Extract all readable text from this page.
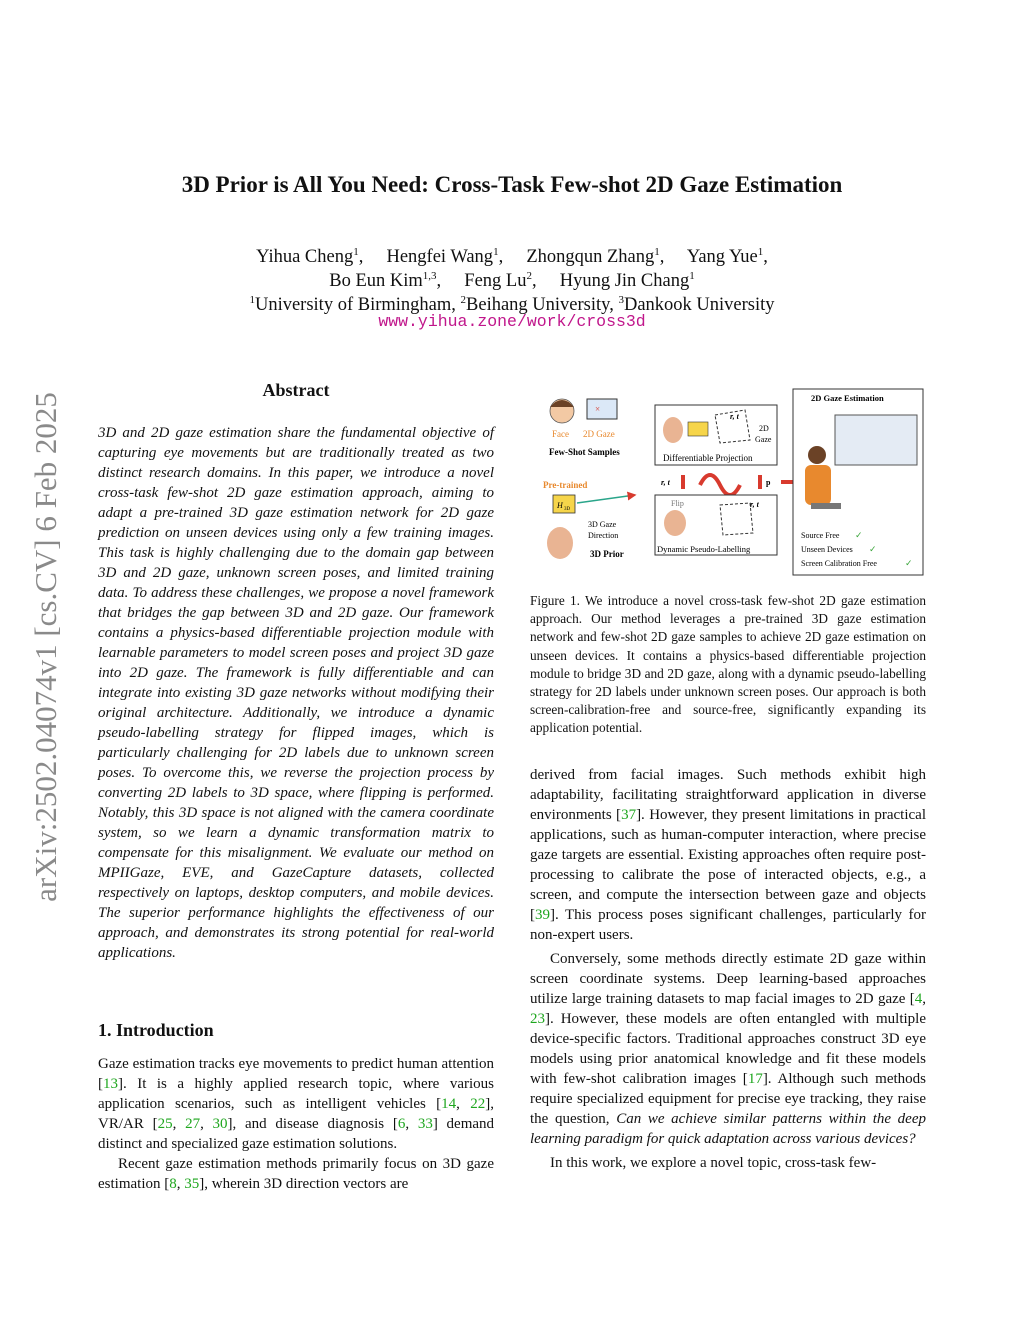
arXiv:2502.04074v1 [cs.CV] 6 Feb 2025
3D Prior is All You Need: Cross-Task Few-shot 2D Gaze Estimation
Yihua Cheng$^1$,     Hengfei Wang$^1$,     Zhongqun Zhang$^1$,     Yang Yue$^1$,
Bo Eun Kim$^{1,3}$,     Feng Lu$^2$,     Hyung Jin Chang$^1$
$^1$University of Birmingham, $^2$Beihang University, $^3$Dankook University
www.yihua.zone/work/cross3d
Abstract
3D and 2D gaze estimation share the fundamental objective of capturing eye movements but are traditionally treated as two distinct research domains. In this paper, we introduce a novel cross-task few-shot 2D gaze estimation approach, aiming to adapt a pre-trained 3D gaze estimation network for 2D gaze prediction on unseen devices using only a few training images. This task is highly challenging due to the domain gap between 3D and 2D gaze, unknown screen poses, and limited training data. To address these challenges, we propose a novel framework that bridges the gap between 3D and 2D gaze. Our framework contains a physics-based differentiable projection module with learnable parameters to model screen poses and project 3D gaze into 2D gaze. The framework is fully differentiable and can integrate into existing 3D gaze networks without modifying their original architecture. Additionally, we introduce a dynamic pseudo-labelling strategy for flipped images, which is particularly challenging for 2D labels due to unknown screen poses. To overcome this, we reverse the projection process by converting 2D labels to 3D space, where flipping is performed. Notably, this 3D space is not aligned with the camera coordinate system, so we learn a dynamic transformation matrix to compensate for this misalignment. We evaluate our method on MPIIGaze, EVE, and GazeCapture datasets, collected respectively on laptops, desktop computers, and mobile devices. The superior performance highlights the effectiveness of our approach, and demonstrates its strong potential for real-world applications.
1. Introduction

Gaze estimation tracks eye movements to predict human attention [13]. It is a highly applied research topic, where various application scenarios, such as intelligent vehicles [14, 22], VR/AR [25, 27, 30], and disease diagnosis [6, 33] demand distinct and specialized gaze estimation solutions.

Recent gaze estimation methods primarily focus on 3D gaze estimation [8, 35], wherein 3D direction vectors are

×
Face 2D Gaze
Few-Shot Samples
Pre-trained
H 3D
3D Gaze
Direction
3D Prior
r, t
2D
Gaze
Differentiable Projection
r, t	p
Flip	r, t
Dynamic Pseudo-Labelling
2D Gaze Estimation
Source Free ✓
Unseen Devices ✓
Screen Calibration Free	✓
Figure 1. We introduce a novel cross-task few-shot 2D gaze estimation approach. Our method leverages a pre-trained 3D gaze estimation network and few-shot 2D gaze samples to achieve 2D gaze estimation on unseen devices. It contains a physics-based differentiable projection module to bridge 3D and 2D gaze, along with a dynamic pseudo-labelling strategy for 2D labels under unknown screen poses. Our approach is both screen-calibration-free and source-free, significantly expanding its application potential.

derived from facial images. Such methods exhibit high adaptability, facilitating straightforward application in diverse environments [37]. However, they present limitations in practical applications, such as human-computer interaction, where precise gaze targets are essential. Existing approaches often require post-processing to calibrate the pose of interacted objects, e.g., a screen, and compute the intersection between gaze and objects [39]. This process poses significant challenges, particularly for non-expert users.

Conversely, some methods directly estimate 2D gaze within screen coordinate systems. Deep learning-based approaches utilize large training datasets to map facial images to 2D gaze [4, 23]. However, these models are often entangled with multiple device-specific factors. Traditional approaches construct 3D eye models using prior anatomical knowledge and fit these models with few-shot calibration images [17]. Although such methods require specialized equipment for precise eye tracking, they raise the question, Can we achieve similar patterns within the deep learning paradigm for quick adaptation across various devices?

In this work, we explore a novel topic, cross-task few-
